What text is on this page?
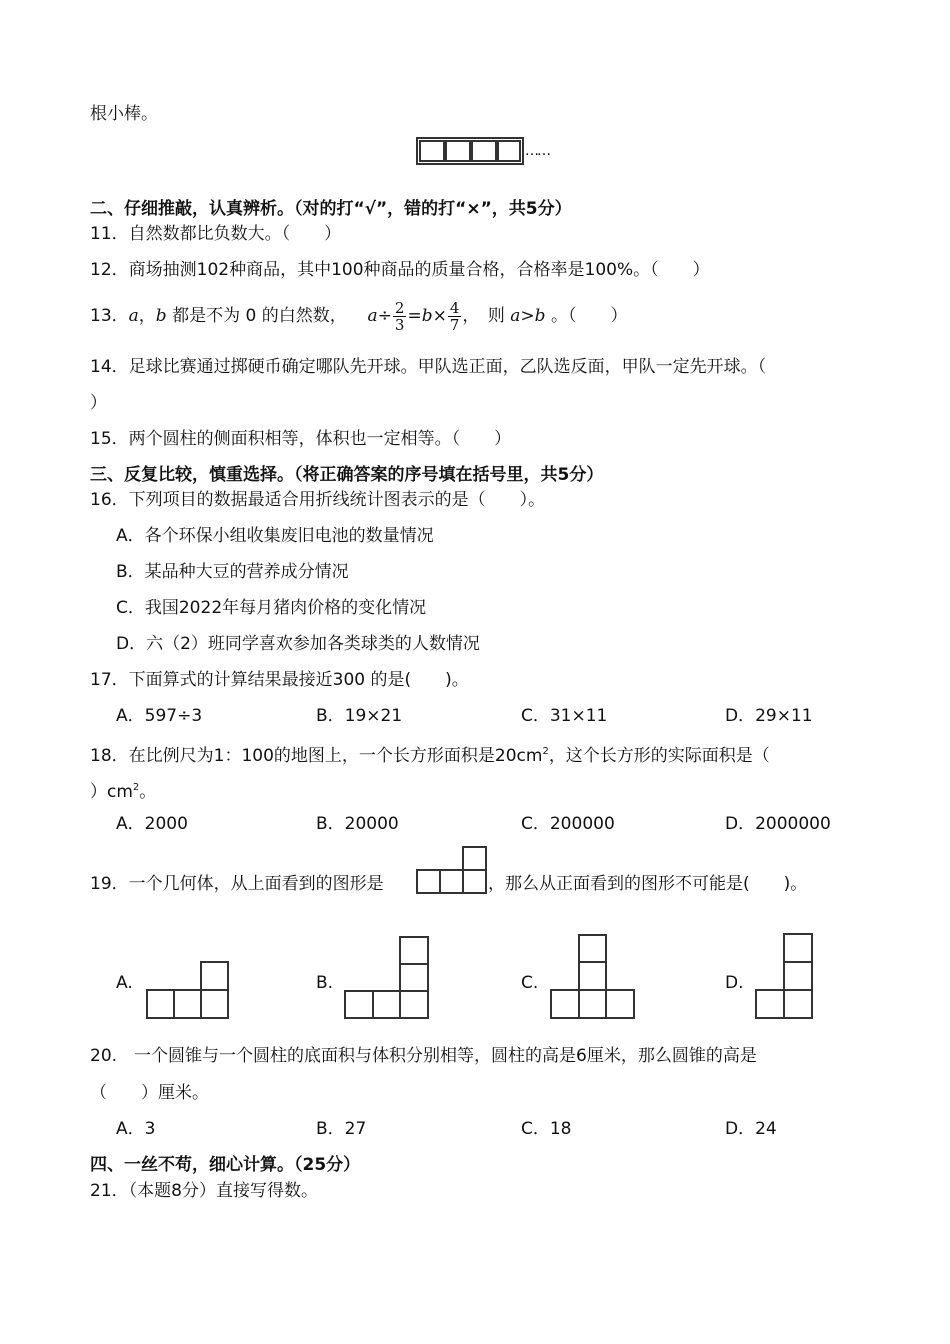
根小棒。
……
二、仔细推敲，认真辨析。（对的打“√”，错的打“×”，共5分）
11．自然数都比负数大。（　　）
12．商场抽测102种商品，其中100种商品的质量合格，合格率是100%。（　　）
13．a，b 都是不为 0 的白然数， $a\div \frac{2}{3} =b\times \frac{4}{7}$ ，　则 a>b 。（　　）
14．足球比赛通过掷硬币确定哪队先开球。甲队选正面，乙队选反面，甲队一定先开球。（
）
15．两个圆柱的侧面积相等，体积也一定相等。（　　）
三、反复比较，慎重选择。（将正确答案的序号填在括号里，共5分）
16．下列项目的数据最适合用折线统计图表示的是（　　）。
A．各个环保小组收集废旧电池的数量情况
B．某品种大豆的营养成分情况
C．我国2022年每月猪肉价格的变化情况
D．六（2）班同学喜欢参加各类球类的人数情况
17．下面算式的计算结果最接近300 的是(　　)。
A．597÷3	B．19×21	C．31×11	D．29×11
18．在比例尺为1：100的地图上，一个长方形面积是$20cm^2$，这个长方形的实际面积是（
）$cm^2$。
A．2000	B．20000	C．200000	D．2000000
19．一个几何体，从上面看到的图形是	，那么从正面看到的图形不可能是(　　)。
A.	B.	C.	D.
20.　一个圆锥与一个圆柱的底面积与体积分别相等，圆柱的高是6厘米，那么圆锥的高是
（　　）厘米。
A．3	B．27	C．18	D．24
四、一丝不苟，细心计算。（25分）
21．（本题8分）直接写得数。
